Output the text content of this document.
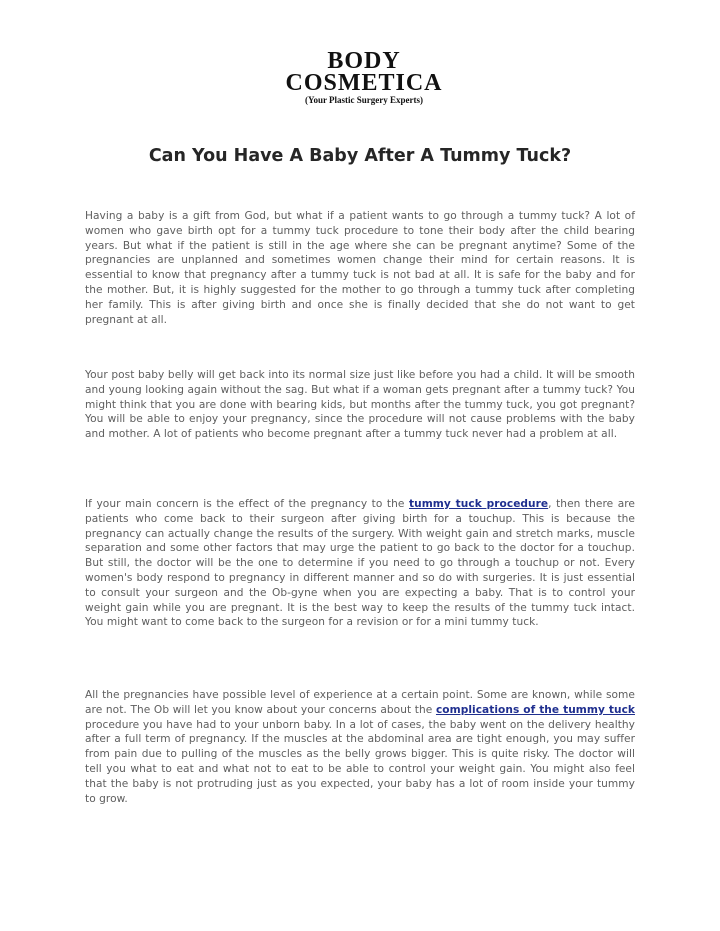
BODY
COSMETICA
(Your Plastic Surgery Experts)
Can You Have A Baby After A Tummy Tuck?

Having a baby is a gift from God, but what if a patient wants to go through a tummy tuck? A lot of women who gave birth opt for a tummy tuck procedure to tone their body after the child bearing years. But what if the patient is still in the age where she can be pregnant anytime? Some of the pregnancies are unplanned and sometimes women change their mind for certain reasons. It is essential to know that pregnancy after a tummy tuck is not bad at all. It is safe for the baby and for the mother. But, it is highly suggested for the mother to go through a tummy tuck after completing her family. This is after giving birth and once she is finally decided that she do not want to get pregnant at all.

Your post baby belly will get back into its normal size just like before you had a child. It will be smooth and young looking again without the sag. But what if a woman gets pregnant after a tummy tuck? You might think that you are done with bearing kids, but months after the tummy tuck, you got pregnant? You will be able to enjoy your pregnancy, since the procedure will not cause problems with the baby and mother. A lot of patients who become pregnant after a tummy tuck never had a problem at all.

If your main concern is the effect of the pregnancy to the tummy tuck procedure, then there are patients who come back to their surgeon after giving birth for a touchup. This is because the pregnancy can actually change the results of the surgery. With weight gain and stretch marks, muscle separation and some other factors that may urge the patient to go back to the doctor for a touchup. But still, the doctor will be the one to determine if you need to go through a touchup or not. Every women's body respond to pregnancy in different manner and so do with surgeries. It is just essential to consult your surgeon and the Ob-gyne when you are expecting a baby. That is to control your weight gain while you are pregnant. It is the best way to keep the results of the tummy tuck intact. You might want to come back to the surgeon for a revision or for a mini tummy tuck.

All the pregnancies have possible level of experience at a certain point. Some are known, while some are not. The Ob will let you know about your concerns about the complications of the tummy tuck procedure you have had to your unborn baby. In a lot of cases, the baby went on the delivery healthy after a full term of pregnancy. If the muscles at the abdominal area are tight enough, you may suffer from pain due to pulling of the muscles as the belly grows bigger. This is quite risky. The doctor will tell you what to eat and what not to eat to be able to control your weight gain. You might also feel that the baby is not protruding just as you expected, your baby has a lot of room inside your tummy to grow.
